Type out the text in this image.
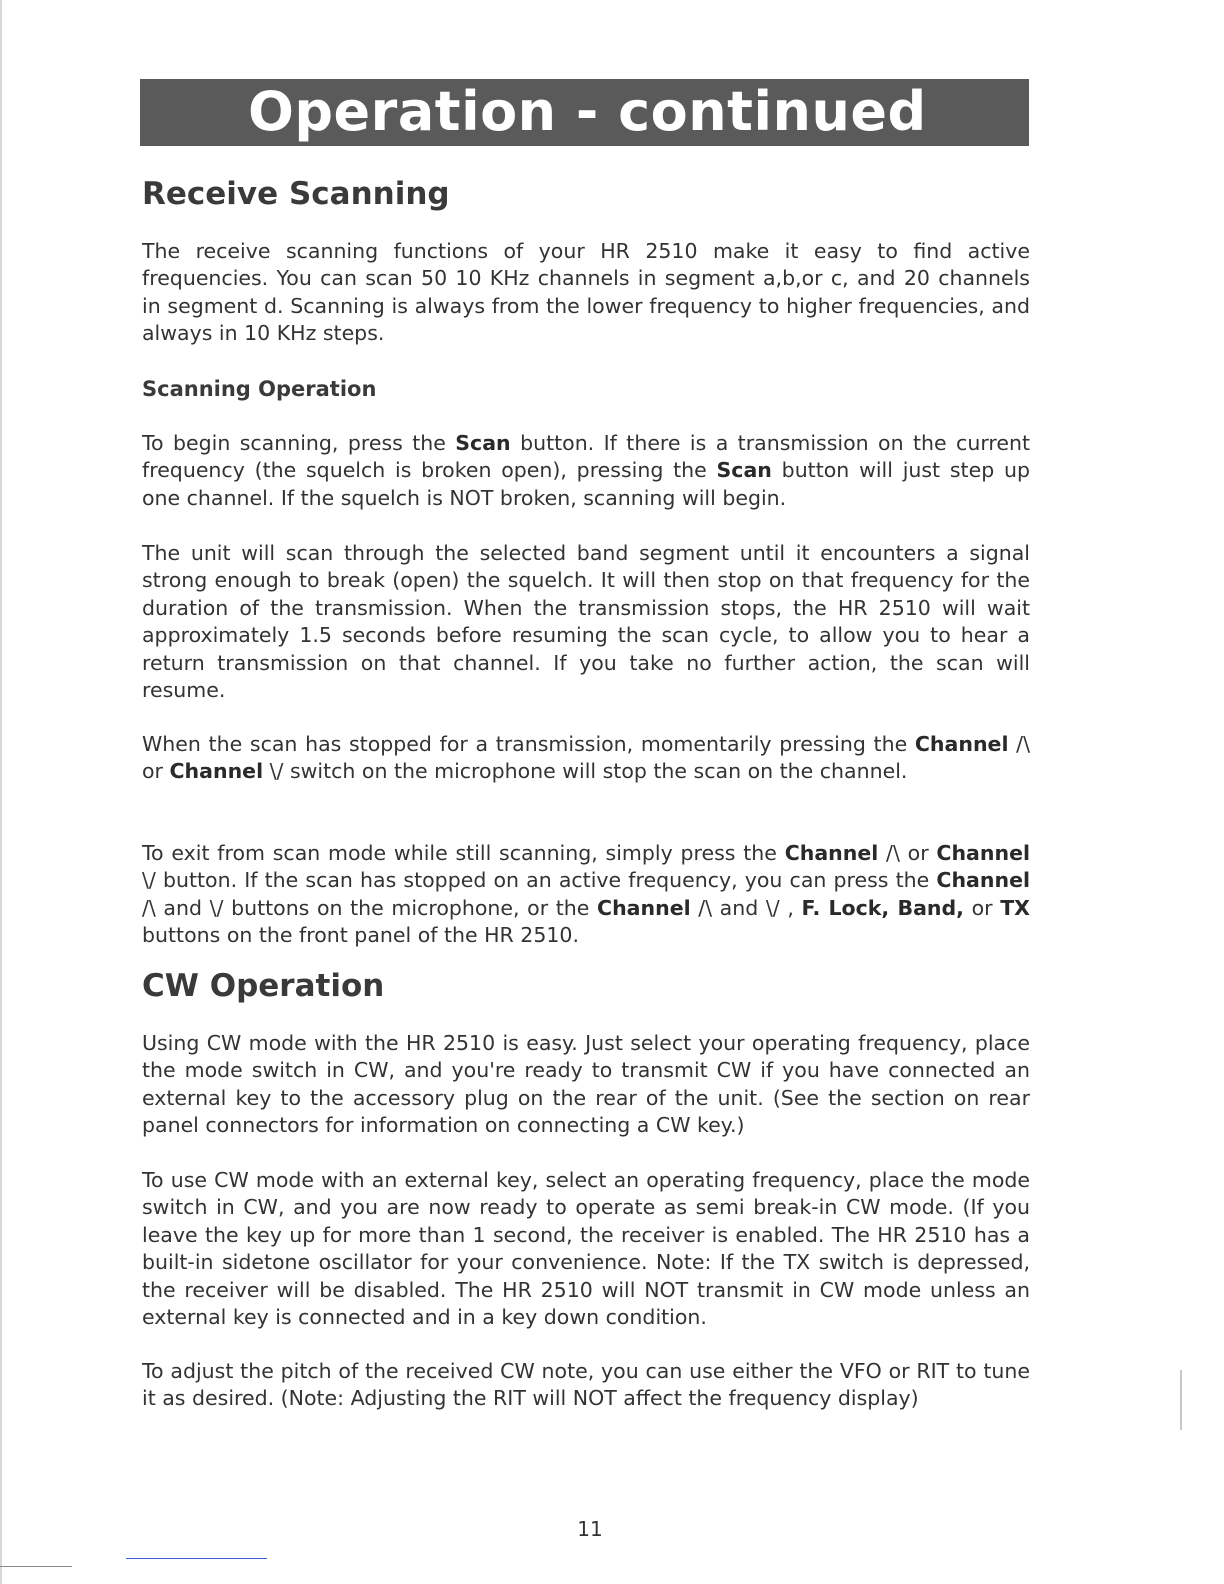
Operation - continued
Receive Scanning

The receive scanning functions of your HR 2510 make it easy to find active frequencies. You can scan 50 10 KHz channels in segment a,b,or c, and 20 channels in segment d. Scanning is always from the lower frequency to higher frequencies, and always in 10 KHz steps.

Scanning Operation

To begin scanning, press the Scan button. If there is a transmission on the current frequency (the squelch is broken open), pressing the Scan button will just step up one channel. If the squelch is NOT broken, scanning will begin.

The unit will scan through the selected band segment until it encounters a signal strong enough to break (open) the squelch. It will then stop on that frequency for the duration of the transmission. When the transmission stops, the HR 2510 will wait approximately 1.5 seconds before resuming the scan cycle, to allow you to hear a return transmission on that channel. If you take no further action, the scan will resume.

When the scan has stopped for a transmission, momentarily pressing the Channel /\ or Channel \/ switch on the microphone will stop the scan on the channel.

To exit from scan mode while still scanning, simply press the Channel /\ or Channel \/ button. If the scan has stopped on an active frequency, you can press the Channel /\ and \/ buttons on the microphone, or the Channel /\ and \/ , F. Lock, Band, or TX buttons on the front panel of the HR 2510.

CW Operation

Using CW mode with the HR 2510 is easy. Just select your operating frequency, place the mode switch in CW, and you're ready to transmit CW if you have connected an external key to the accessory plug on the rear of the unit. (See the section on rear panel connectors for information on connecting a CW key.)

To use CW mode with an external key, select an operating frequency, place the mode switch in CW, and you are now ready to operate as semi break-in CW mode. (If you leave the key up for more than 1 second, the receiver is enabled. The HR 2510 has a built-in sidetone oscillator for your convenience. Note: If the TX switch is depressed, the receiver will be disabled. The HR 2510 will NOT transmit in CW mode unless an external key is connected and in a key down condition.

To adjust the pitch of the received CW note, you can use either the VFO or RIT to tune it as desired. (Note: Adjusting the RIT will NOT affect the frequency display)

11
